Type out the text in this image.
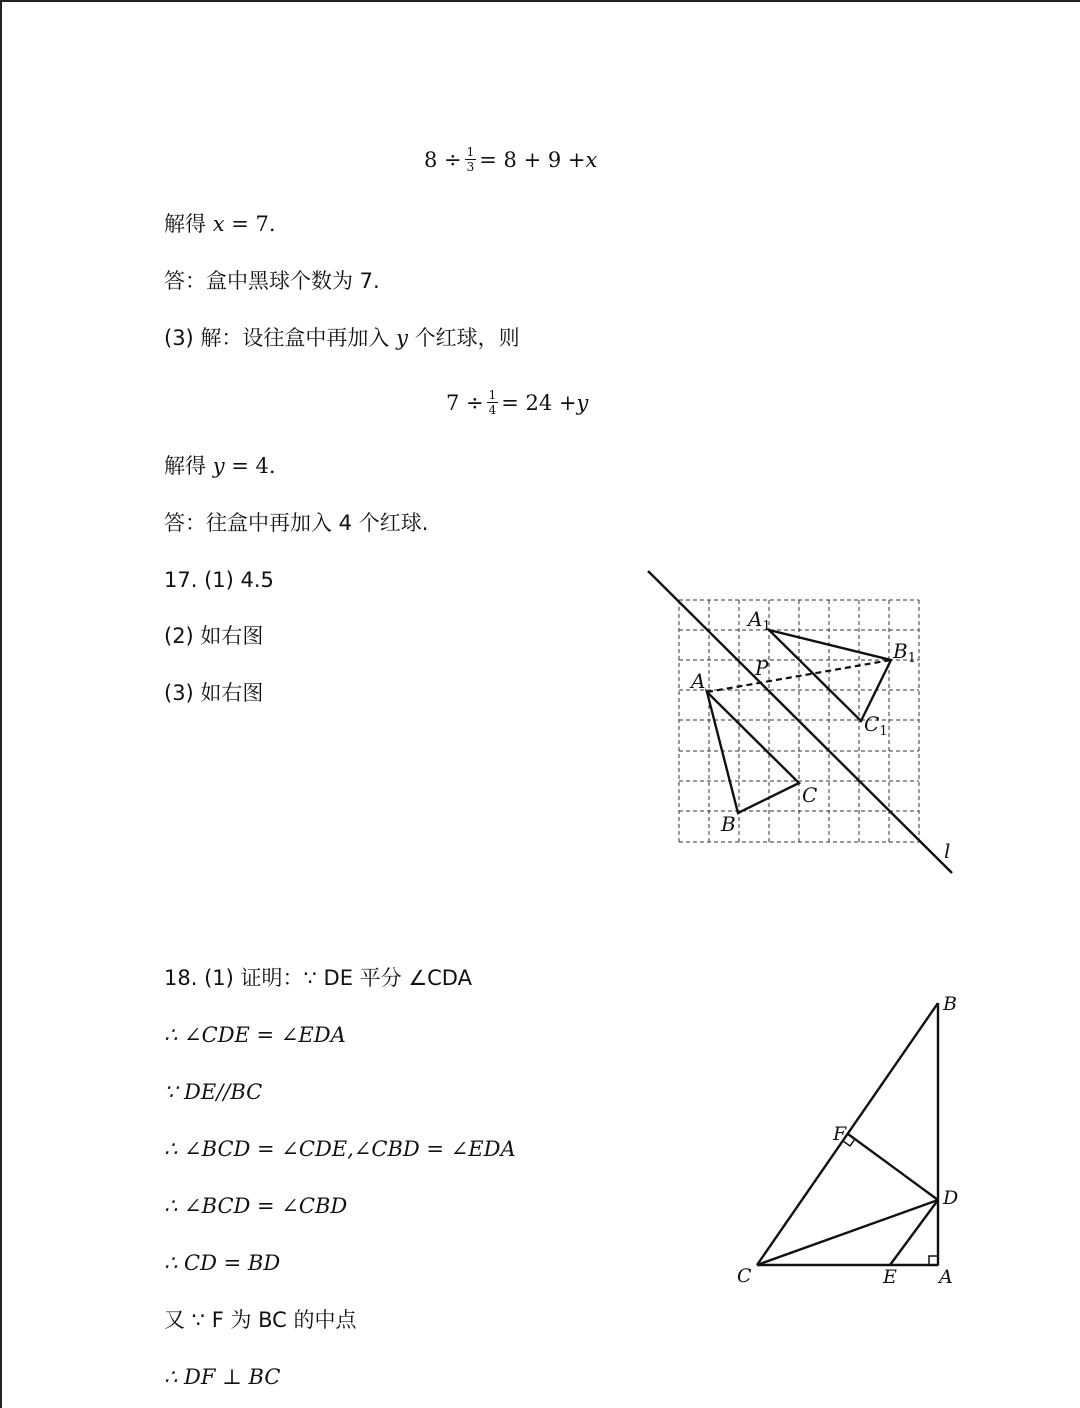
$8 \div \frac{1}{3} = 8 + 9 + x$
解得 x = 7.
答：盒中黑球个数为 7.
(3) 解：设往盒中再加入 y 个红球，则
$7 \div \frac{1}{4} = 24 + y$
解得 y = 4.
答：往盒中再加入 4 个红球.
17. (1) 4.5
(2) 如右图
(3) 如右图
$A_1$
$B_1$
$C_1$
P
A
B
C
l
18. (1) 证明：∵ DE 平分 ∠CDA
∴ ∠CDE = ∠EDA
∵ DE//BC
∴ ∠BCD = ∠CDE,∠CBD = ∠EDA
∴ ∠BCD = ∠CBD
∴ CD = BD
又 ∵ F 为 BC 的中点
∴ DF ⊥ BC
B
F
D
C	E A
